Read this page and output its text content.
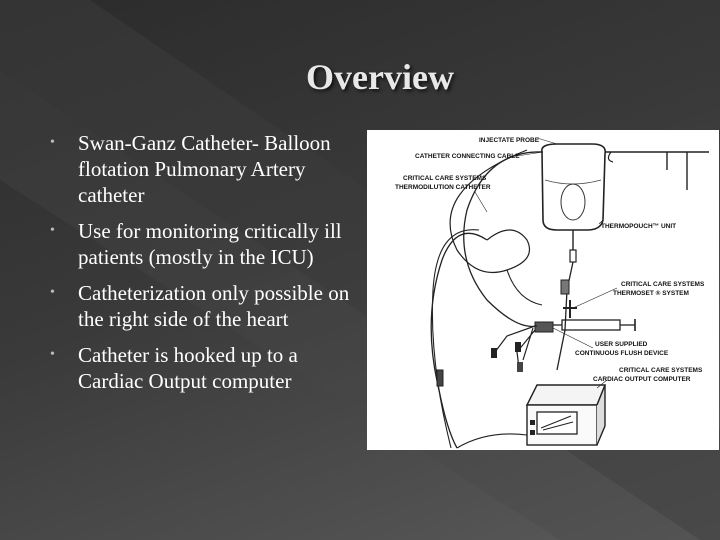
Overview
• Swan-Ganz Catheter- Balloon flotation Pulmonary Artery catheter
• Use for monitoring critically ill patients (mostly in the ICU)
• Catheterization only possible on the right side of the heart
• Catheter is hooked up to a Cardiac Output computer
INJECTATE PROBE
CATHETER CONNECTING CABLE
CRITICAL CARE SYSTEMS
THERMODILUTION CATHETER
THERMOPOUCH™ UNIT
CRITICAL CARE SYSTEMS
THERMOSET ® SYSTEM
USER SUPPLIED
CONTINUOUS FLUSH DEVICE
CRITICAL CARE SYSTEMS
CARDIAC OUTPUT COMPUTER
